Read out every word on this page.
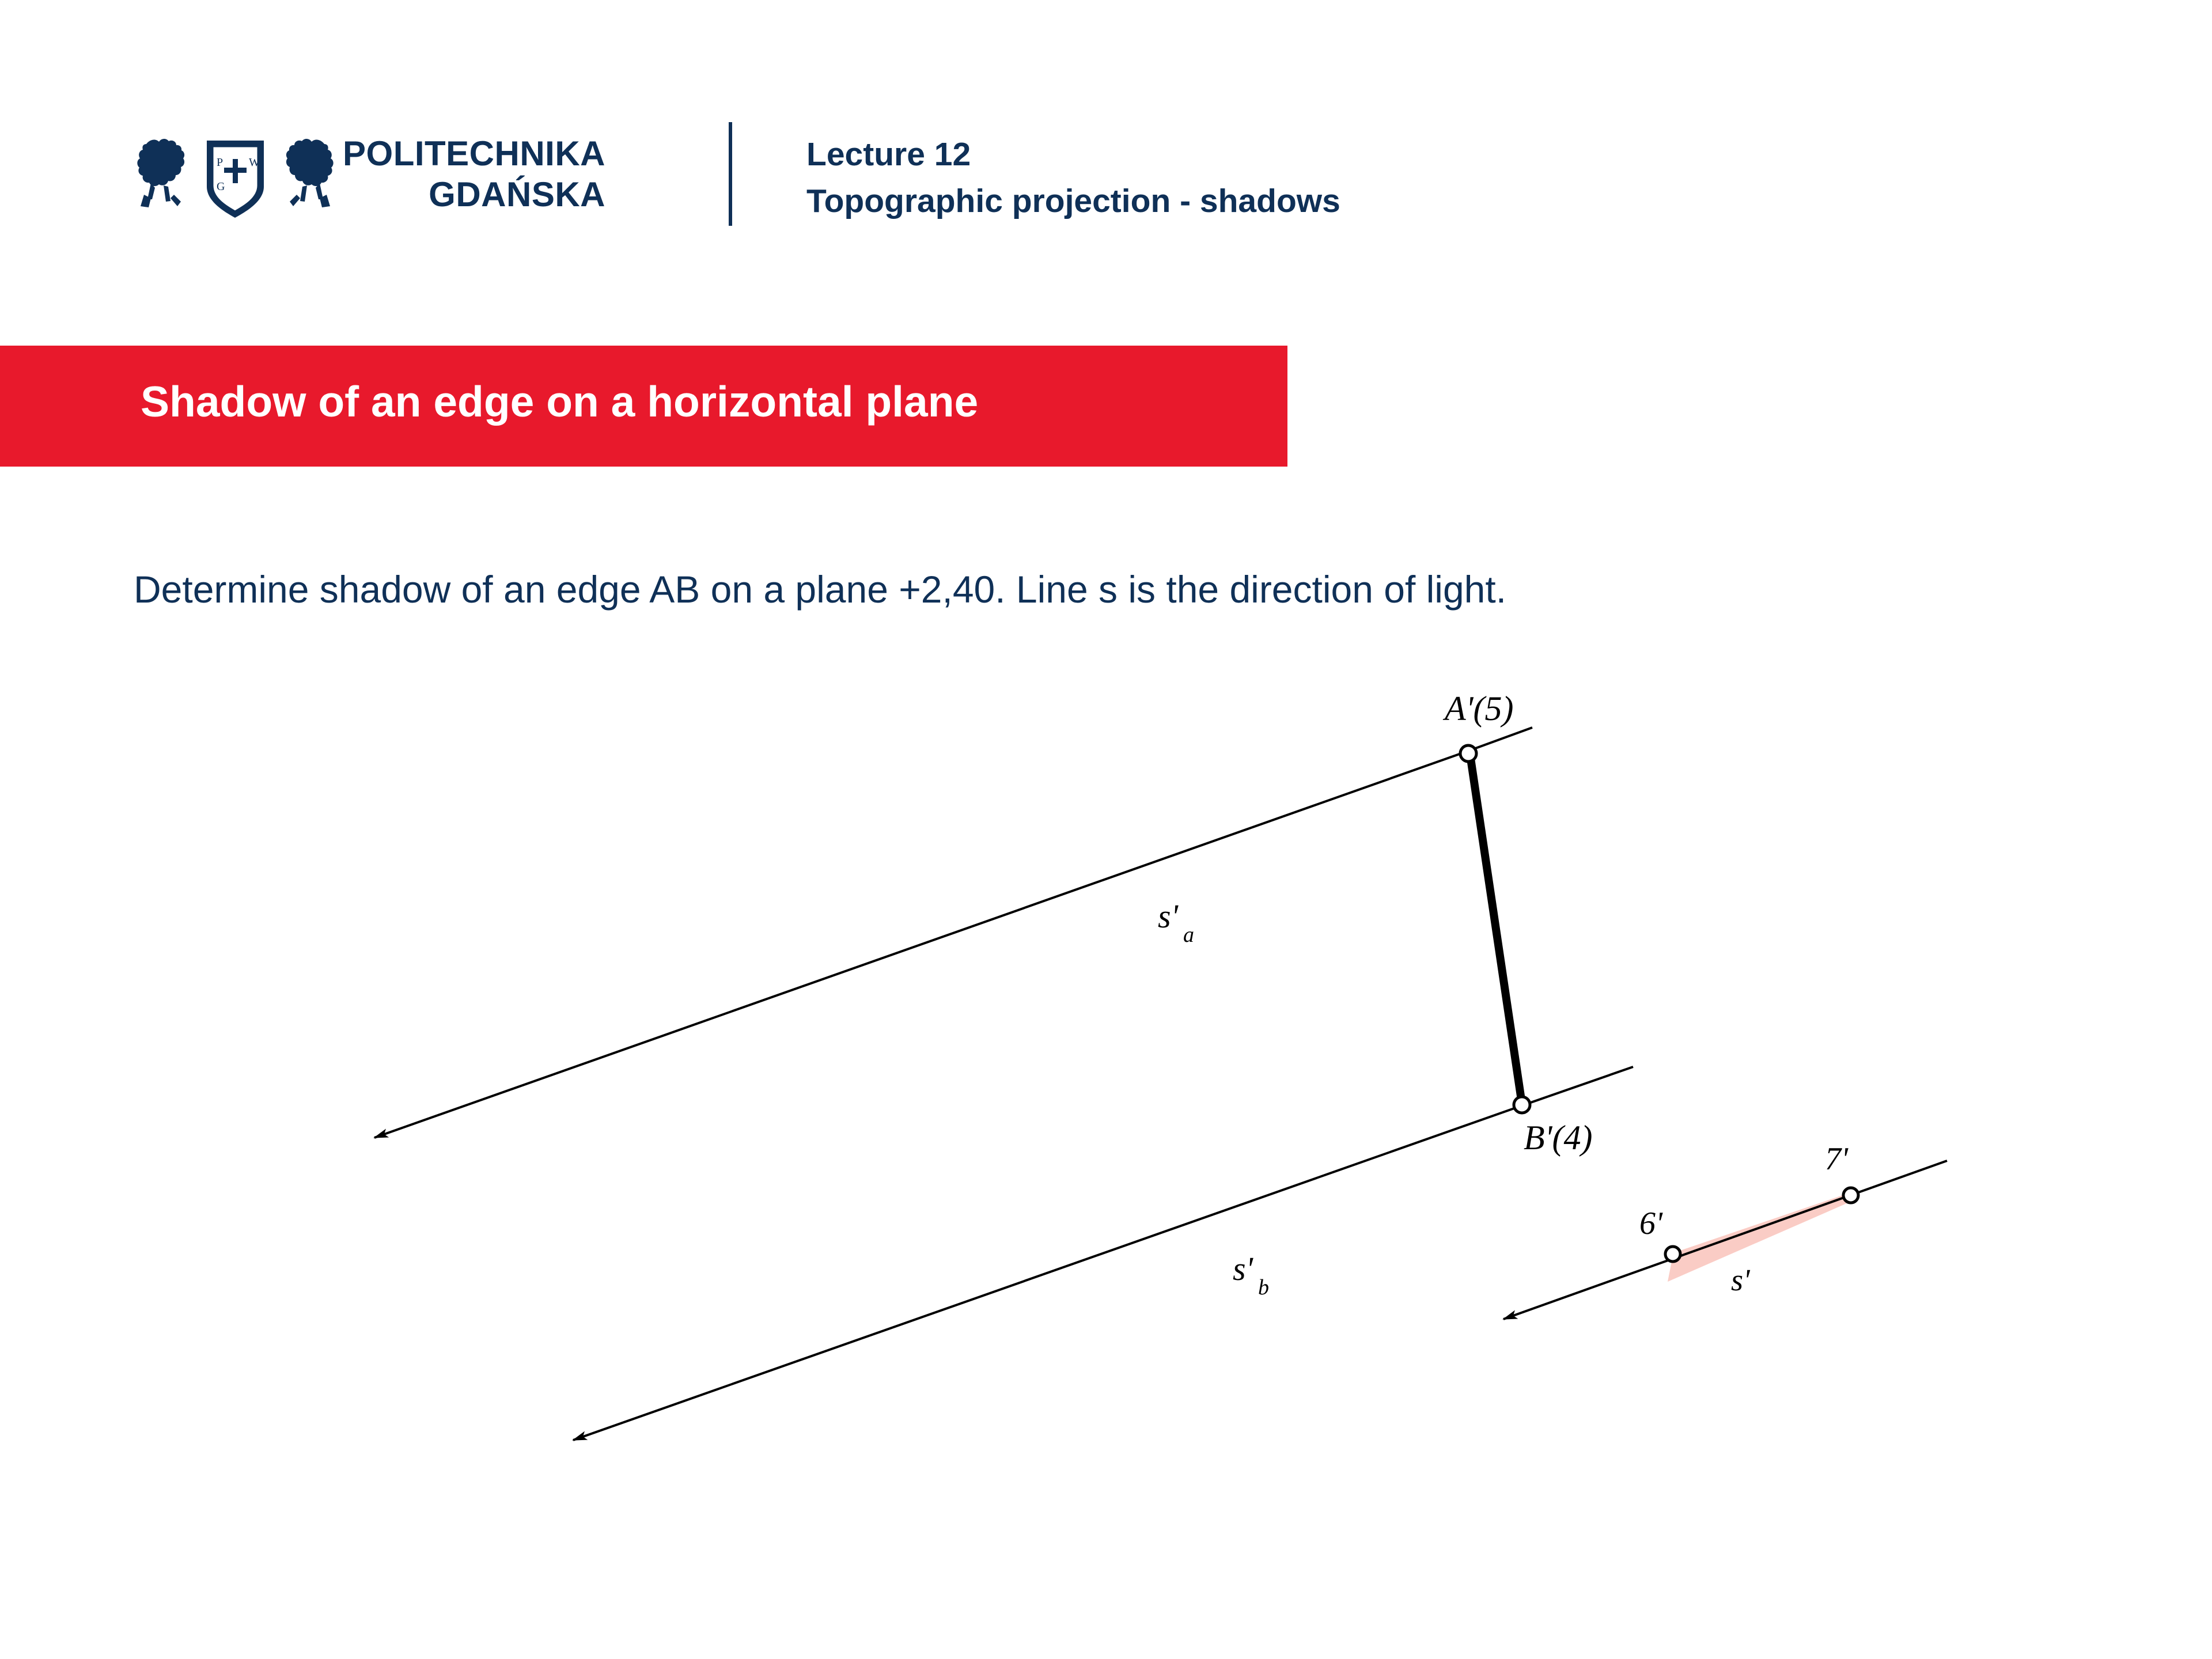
P
G
W POLITECHNIKA
GDAŃSKA
Lecture 12
Topographic projection - shadows
Shadow of an edge on a horizontal plane
Determine shadow of an edge AB on a plane +2,40. Line s is the direction of light.
A'(5)
s' a
B'(4)
s' b
7'
6'
s'
